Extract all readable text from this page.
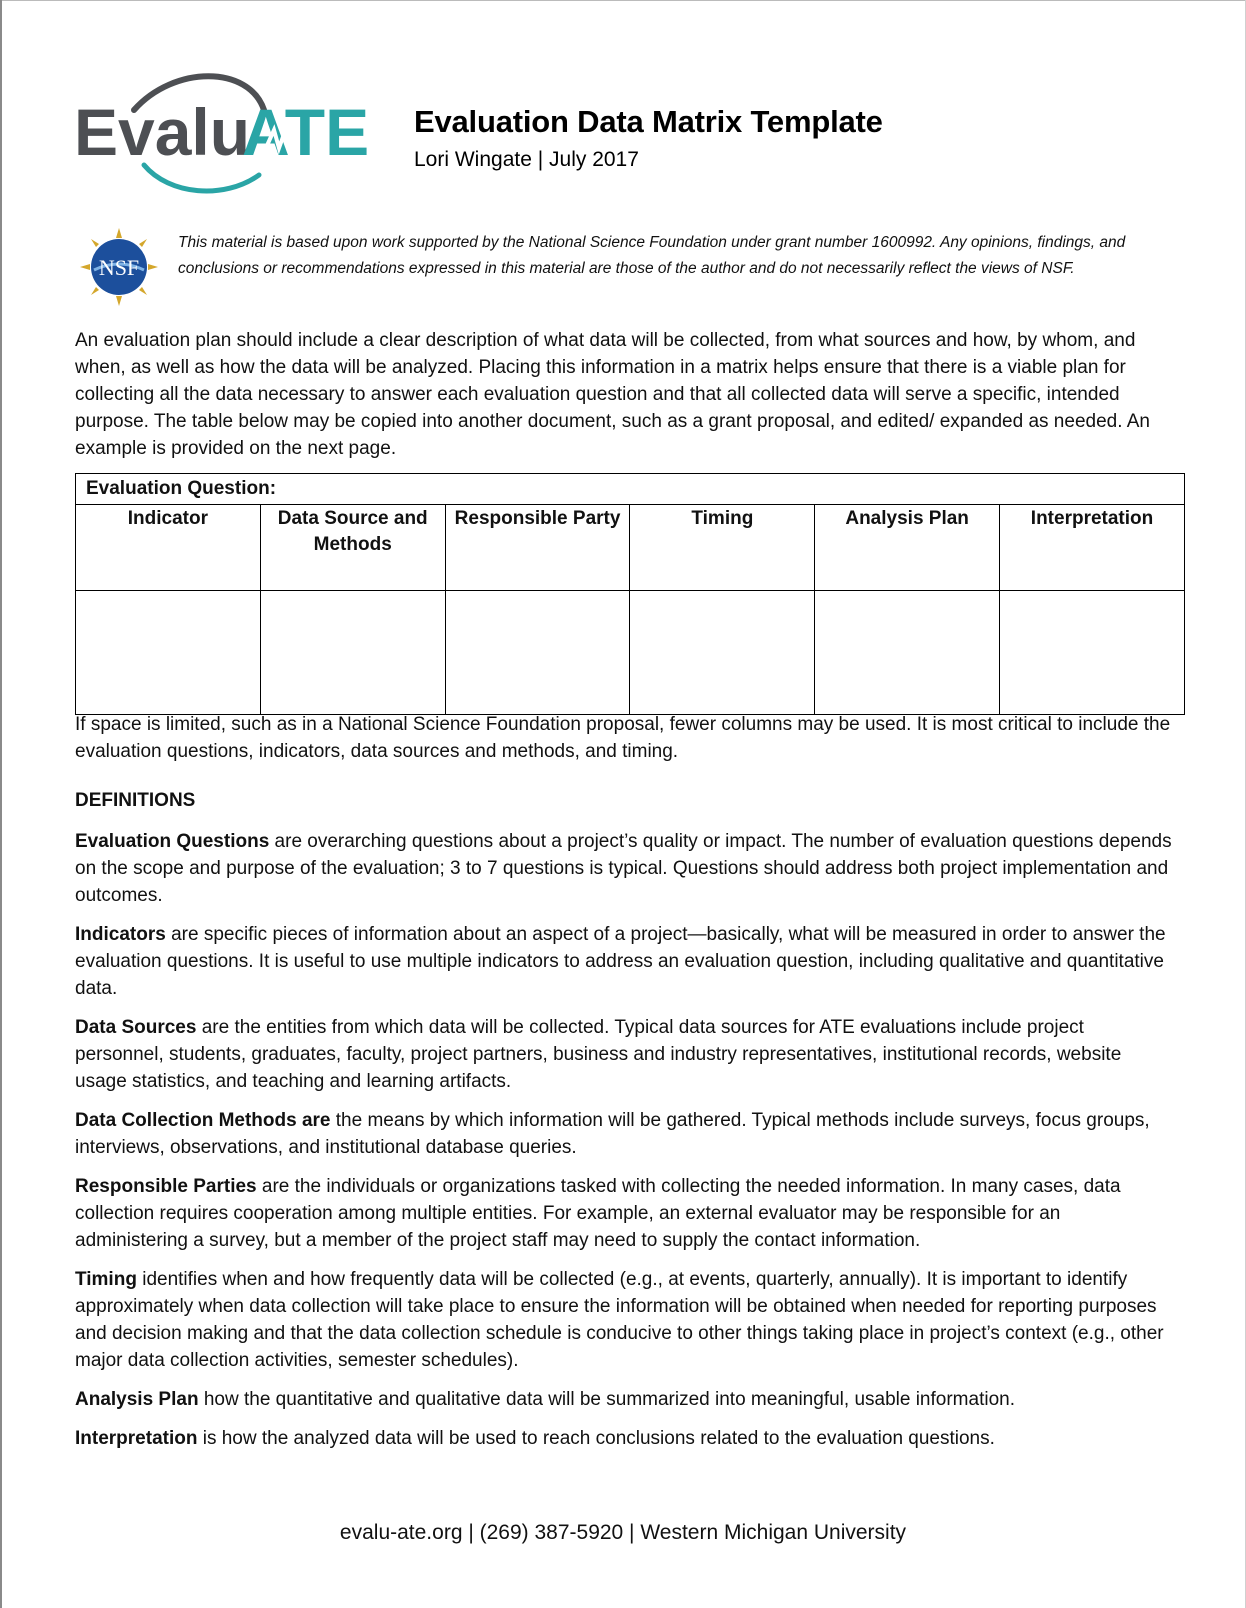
Evalu
ATE Evaluation Data Matrix Template
Lori Wingate | July 2017
NSF
This material is based upon work supported by the National Science Foundation under grant number 1600992. Any opinions, findings, and conclusions or recommendations expressed in this material are those of the author and do not necessarily reflect the views of NSF.
An evaluation plan should include a clear description of what data will be collected, from what sources and how, by whom, and when, as well as how the data will be analyzed. Placing this information in a matrix helps ensure that there is a viable plan for collecting all the data necessary to answer each evaluation question and that all collected data will serve a specific, intended purpose. The table below may be copied into another document, such as a grant proposal, and edited/ expanded as needed. An example is provided on the next page.
Evaluation Question:					
Indicator	Data Source and Methods	Responsible Party	Timing	Analysis Plan	Interpretation

If space is limited, such as in a National Science Foundation proposal, fewer columns may be used. It is most critical to include the evaluation questions, indicators, data sources and methods, and timing.
DEFINITIONS

Evaluation Questions are overarching questions about a project’s quality or impact. The number of evaluation questions depends on the scope and purpose of the evaluation; 3 to 7 questions is typical. Questions should address both project implementation and outcomes.

Indicators are specific pieces of information about an aspect of a project—basically, what will be measured in order to answer the evaluation questions. It is useful to use multiple indicators to address an evaluation question, including qualitative and quantitative data.

Data Sources are the entities from which data will be collected. Typical data sources for ATE evaluations include project personnel, students, graduates, faculty, project partners, business and industry representatives, institutional records, website usage statistics, and teaching and learning artifacts.

Data Collection Methods are the means by which information will be gathered. Typical methods include surveys, focus groups, interviews, observations, and institutional database queries.

Responsible Parties are the individuals or organizations tasked with collecting the needed information. In many cases, data collection requires cooperation among multiple entities. For example, an external evaluator may be responsible for an administering a survey, but a member of the project staff may need to supply the contact information.

Timing identifies when and how frequently data will be collected (e.g., at events, quarterly, annually). It is important to identify approximately when data collection will take place to ensure the information will be obtained when needed for reporting purposes and decision making and that the data collection schedule is conducive to other things taking place in project’s context (e.g., other major data collection activities, semester schedules).

Analysis Plan how the quantitative and qualitative data will be summarized into meaningful, usable information.

Interpretation is how the analyzed data will be used to reach conclusions related to the evaluation questions.

evalu-ate.org | (269) 387-5920 | Western Michigan University
